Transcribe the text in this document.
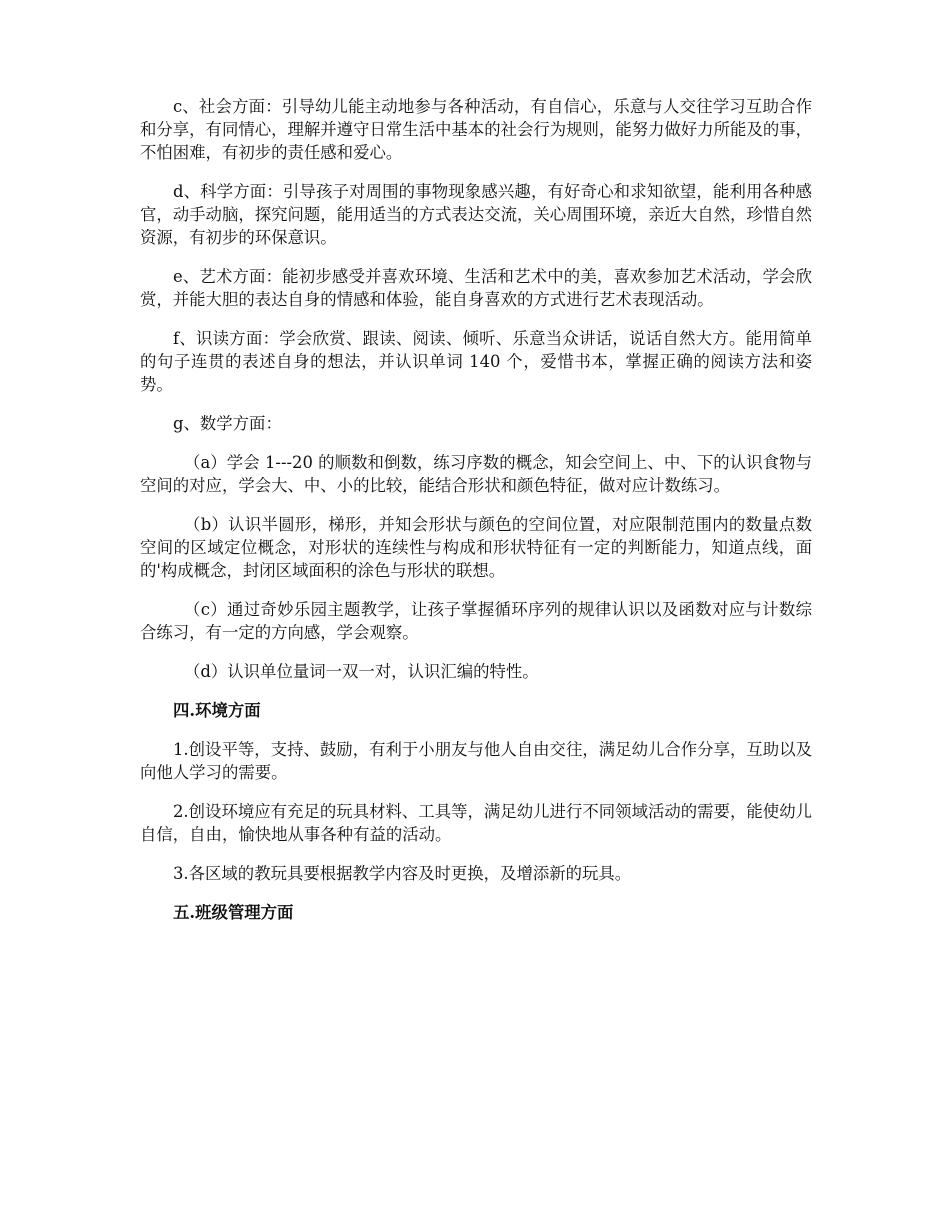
c、社会方面：引导幼儿能主动地参与各种活动，有自信心，乐意与人交往学习互助合作和分享，有同情心，理解并遵守日常生活中基本的社会行为规则，能努力做好力所能及的事，不怕困难，有初步的责任感和爱心。

d、科学方面：引导孩子对周围的事物现象感兴趣，有好奇心和求知欲望，能利用各种感官，动手动脑，探究问题，能用适当的方式表达交流，关心周围环境，亲近大自然，珍惜自然资源，有初步的环保意识。

e、艺术方面：能初步感受并喜欢环境、生活和艺术中的美，喜欢参加艺术活动，学会欣赏，并能大胆的表达自身的情感和体验，能自身喜欢的方式进行艺术表现活动。

f、识读方面：学会欣赏、跟读、阅读、倾听、乐意当众讲话，说话自然大方。能用简单的句子连贯的表述自身的想法，并认识单词 140 个，爱惜书本，掌握正确的阅读方法和姿势。

g、数学方面：

（a）学会 1---20 的顺数和倒数，练习序数的概念，知会空间上、中、下的认识食物与空间的对应，学会大、中、小的比较，能结合形状和颜色特征，做对应计数练习。

（b）认识半圆形，梯形，并知会形状与颜色的空间位置，对应限制范围内的数量点数空间的区域定位概念，对形状的连续性与构成和形状特征有一定的判断能力，知道点线，面的'构成概念，封闭区域面积的涂色与形状的联想。

（c）通过奇妙乐园主题教学，让孩子掌握循环序列的规律认识以及函数对应与计数综合练习，有一定的方向感，学会观察。

（d）认识单位量词一双一对，认识汇编的特性。

四.环境方面

1.创设平等，支持、鼓励，有利于小朋友与他人自由交往，满足幼儿合作分享，互助以及向他人学习的需要。

2.创设环境应有充足的玩具材料、工具等，满足幼儿进行不同领域活动的需要，能使幼儿自信，自由，愉快地从事各种有益的活动。

3.各区域的教玩具要根据教学内容及时更换，及增添新的玩具。

五.班级管理方面
